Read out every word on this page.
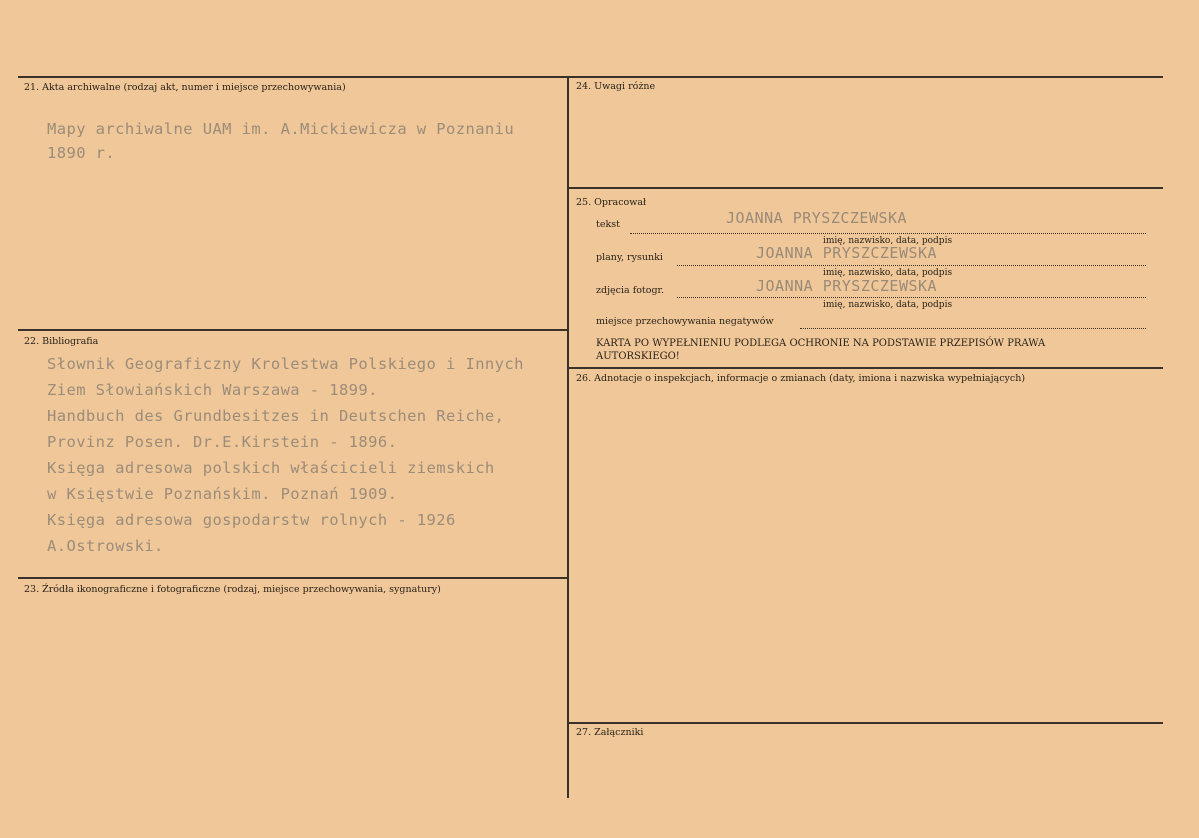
21. Akta archiwalne (rodzaj akt, numer i miejsce przechowywania)
Mapy archiwalne UAM im. A.Mickiewicza w Poznaniu
1890 r.
22. Bibliografia
Słownik Geograficzny Krolestwa Polskiego i Innych
Ziem Słowiańskich Warszawa - 1899.
Handbuch des Grundbesitzes in Deutschen Reiche,
Provinz Posen. Dr.E.Kirstein - 1896.
Księga adresowa polskich właścicieli ziemskich
w Księstwie Poznańskim. Poznań 1909.
Księga adresowa gospodarstw rolnych - 1926
A.Ostrowski.
23. Źródła ikonograficzne i fotograficzne (rodzaj, miejsce przechowywania, sygnatury)
24. Uwagi różne
25. Opracował
tekst	JOANNA PRYSZCZEWSKA
imię, nazwisko, data, podpis
plany, rysunki	JOANNA PRYSZCZEWSKA
imię, nazwisko, data, podpis
zdjęcia fotogr.	JOANNA PRYSZCZEWSKA
imię, nazwisko, data, podpis
miejsce przechowywania negatywów
KARTA PO WYPEŁNIENIU PODLEGA OCHRONIE NA PODSTAWIE PRZEPISÓW PRAWA
AUTORSKIEGO!
26. Adnotacje o inspekcjach, informacje o zmianach (daty, imiona i nazwiska wypełniających)
27. Załączniki
